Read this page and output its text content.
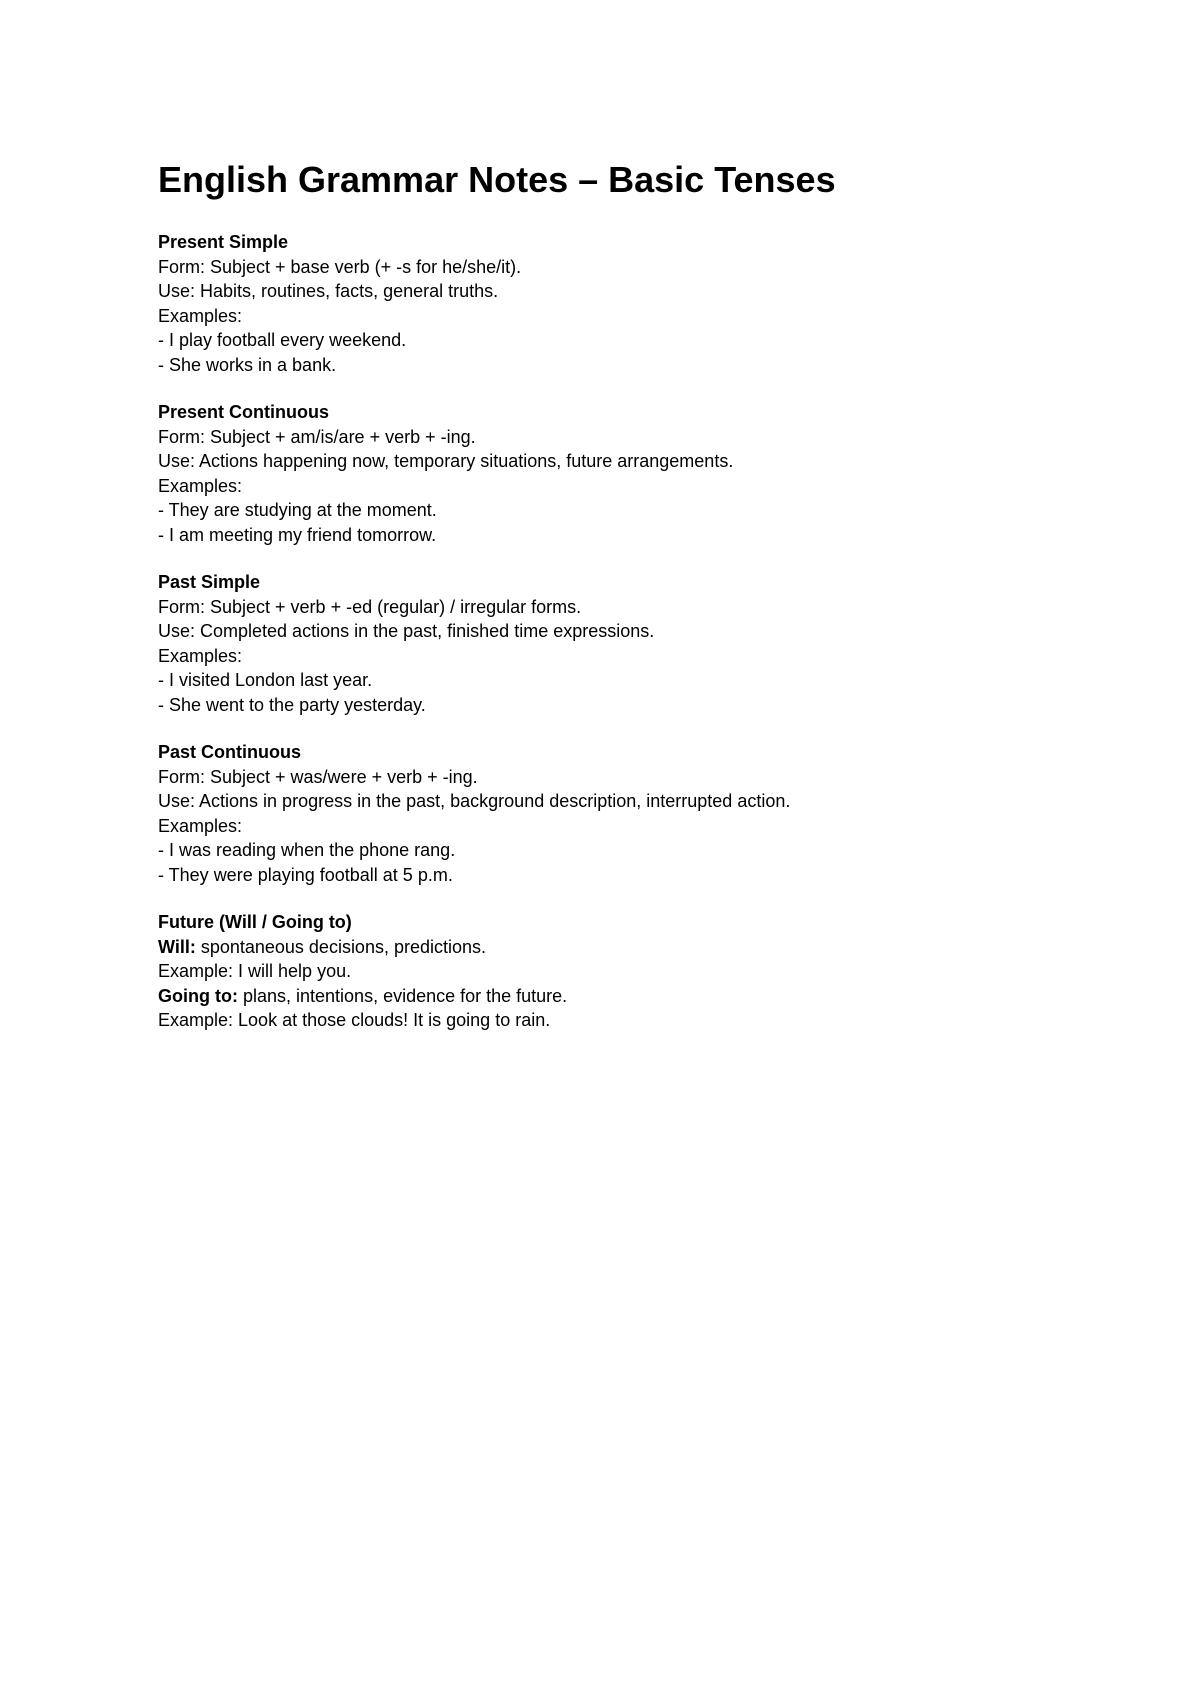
English Grammar Notes – Basic Tenses
Present Simple
Form: Subject + base verb (+ -s for he/she/it).
Use: Habits, routines, facts, general truths.
Examples:
- I play football every weekend.
- She works in a bank.
Present Continuous
Form: Subject + am/is/are + verb + -ing.
Use: Actions happening now, temporary situations, future arrangements.
Examples:
- They are studying at the moment.
- I am meeting my friend tomorrow.
Past Simple
Form: Subject + verb + -ed (regular) / irregular forms.
Use: Completed actions in the past, finished time expressions.
Examples:
- I visited London last year.
- She went to the party yesterday.
Past Continuous
Form: Subject + was/were + verb + -ing.
Use: Actions in progress in the past, background description, interrupted action.
Examples:
- I was reading when the phone rang.
- They were playing football at 5 p.m.
Future (Will / Going to)
Will: spontaneous decisions, predictions.
Example: I will help you.
Going to: plans, intentions, evidence for the future.
Example: Look at those clouds! It is going to rain.
